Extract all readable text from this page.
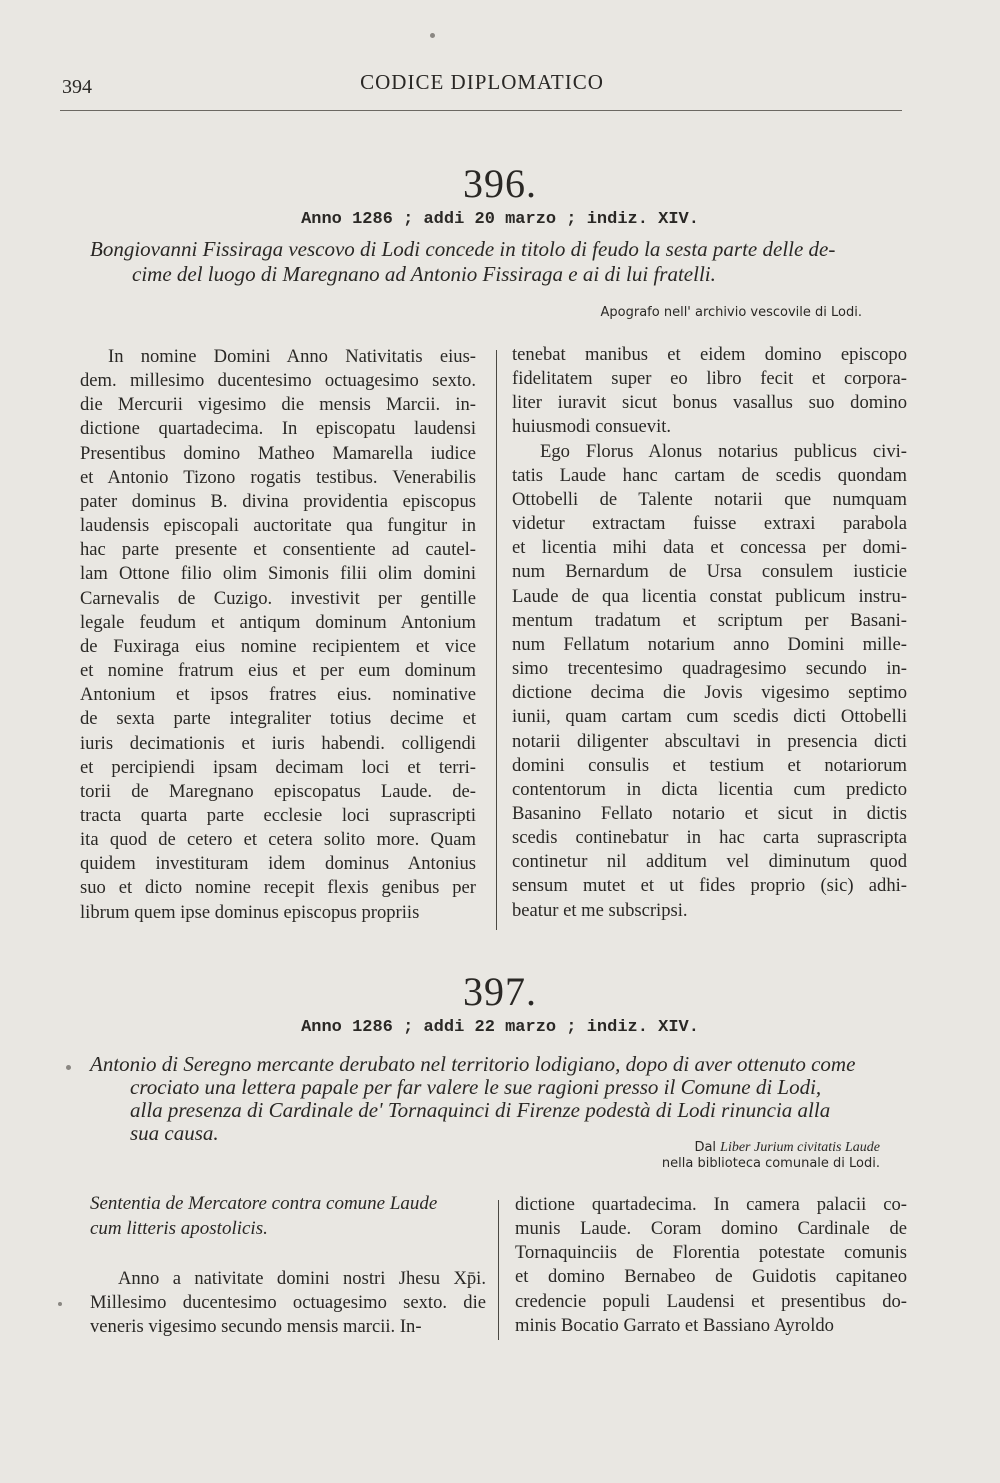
394	CODICE DIPLOMATICO
396.
Anno 1286 ; addi 20 marzo ; indiz. XIV.
Bongiovanni Fissiraga vescovo di Lodi concede in titolo di feudo la sesta parte delle de-
cime del luogo di Maregnano ad Antonio Fissiraga e ai di lui fratelli.
Apografo nell' archivio vescovile di Lodi.
In nomine Domini Anno Nativitatis eius-
dem. millesimo ducentesimo octuagesimo sexto.
die Mercurii vigesimo die mensis Marcii. in-
dictione quartadecima. In episcopatu laudensi
Presentibus domino Matheo Mamarella iudice
et Antonio Tizono rogatis testibus. Venerabilis
pater dominus B. divina providentia episcopus
laudensis episcopali auctoritate qua fungitur in
hac parte presente et consentiente ad cautel-
lam Ottone filio olim Simonis filii olim domini
Carnevalis de Cuzigo. investivit per gentille
legale feudum et antiqum dominum Antonium
de Fuxiraga eius nomine recipientem et vice
et nomine fratrum eius et per eum dominum
Antonium et ipsos fratres eius. nominative
de sexta parte integraliter totius decime et
iuris decimationis et iuris habendi. colligendi
et percipiendi ipsam decimam loci et terri-
torii de Maregnano episcopatus Laude. de-
tracta quarta parte ecclesie loci suprascripti
ita quod de cetero et cetera solito more. Quam
quidem investituram idem dominus Antonius
suo et dicto nomine recepit flexis genibus per
librum quem ipse dominus episcopus propriis
tenebat manibus et eidem domino episcopo
fidelitatem super eo libro fecit et corpora-
liter iuravit sicut bonus vasallus suo domino
huiusmodi consuevit.
Ego Florus Alonus notarius publicus civi-
tatis Laude hanc cartam de scedis quondam
Ottobelli de Talente notarii que numquam
videtur extractam fuisse extraxi parabola
et licentia mihi data et concessa per domi-
num Bernardum de Ursa consulem iusticie
Laude de qua licentia constat publicum instru-
mentum tradatum et scriptum per Basani-
num Fellatum notarium anno Domini mille-
simo trecentesimo quadragesimo secundo in-
dictione decima die Jovis vigesimo septimo
iunii, quam cartam cum scedis dicti Ottobelli
notarii diligenter abscultavi in presencia dicti
domini consulis et testium et notariorum
contentorum in dicta licentia cum predicto
Basanino Fellato notario et sicut in dictis
scedis continebatur in hac carta suprascripta
continetur nil additum vel diminutum quod
sensum mutet et ut fides proprio (sic) adhi-
beatur et me subscripsi.
397.
Anno 1286 ; addi 22 marzo ; indiz. XIV.
Antonio di Seregno mercante derubato nel territorio lodigiano, dopo di aver ottenuto come
crociato una lettera papale per far valere le sue ragioni presso il Comune di Lodi,
alla presenza di Cardinale de' Tornaquinci di Firenze podestà di Lodi rinuncia alla
sua causa.
Dal Liber Jurium civitatis Laude
nella biblioteca comunale di Lodi.
Sententia de Mercatore contra comune Laude
cum litteris apostolicis.
Anno a nativitate domini nostri Jhesu Xp̄i.
Millesimo ducentesimo octuagesimo sexto. die
veneris vigesimo secundo mensis marcii. In-
dictione quartadecima. In camera palacii co-
munis Laude. Coram domino Cardinale de
Tornaquinciis de Florentia potestate comunis
et domino Bernabeo de Guidotis capitaneo
credencie populi Laudensi et presentibus do-
minis Bocatio Garrato et Bassiano Ayroldo
